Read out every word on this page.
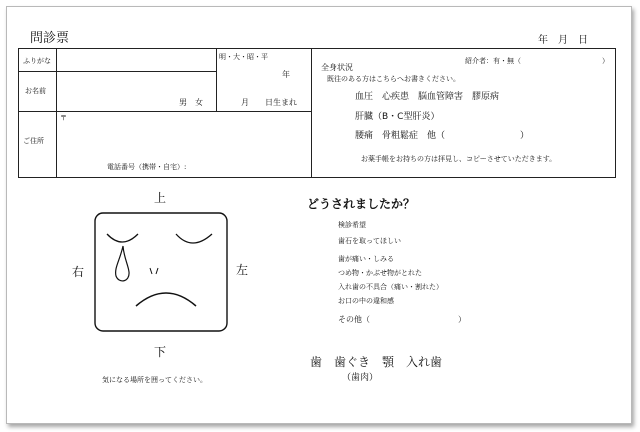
問診票	年　月　日
ふりがな
お名前
男　女
明・大・昭・平
年
月　　日生まれ
ご住所
〒
電話番号（携帯・自宅）:
全身状況
紹介者：有・無（	）
既往のある方はこちらへお書きください。
血圧　心疾患　脳血管障害　膠原病
肝臓（B・C型肝炎）
腰痛　骨粗鬆症　他（	）
お薬手帳をお持ちの方は拝見し、コピーさせていただきます。
上
右	左
下
気になる場所を囲ってください。
どうされましたか？
検診希望
歯石を取ってほしい
歯が痛い・しみる
つめ物・かぶせ物がとれた
入れ歯の不具合（痛い・割れた）
お口の中の違和感
その他（	）
歯　歯ぐき　顎　入れ歯
（歯肉）
